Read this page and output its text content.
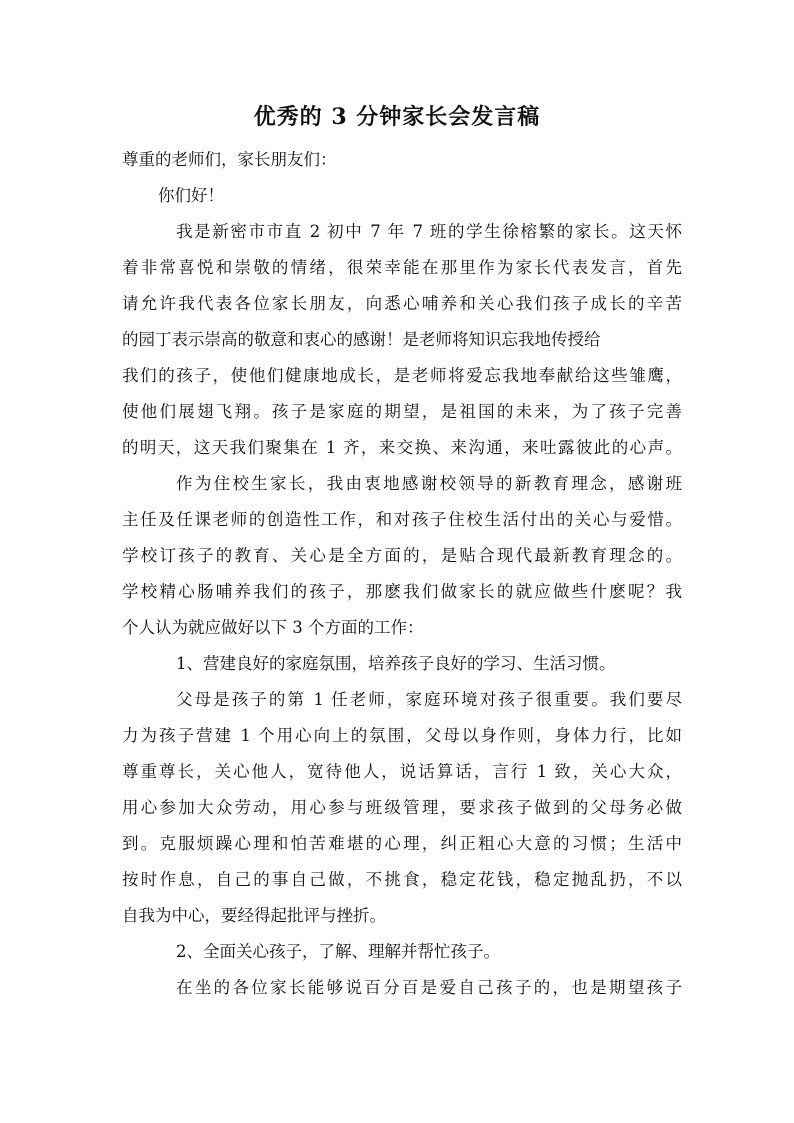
优秀的 3 分钟家长会发言稿
尊重的老师们，家长朋友们：
你们好！
我是新密市市直 2 初中 7 年 7 班的学生徐榕繁的家长。这天怀
着非常喜悦和崇敬的情绪，很荣幸能在那里作为家长代表发言，首先
请允许我代表各位家长朋友，向悉心哺养和关心我们孩子成长的辛苦
的园丁表示崇高的敬意和衷心的感谢！是老师将知识忘我地传授给
我们的孩子，使他们健康地成长，是老师将爱忘我地奉献给这些雏鹰，
使他们展翅飞翔。孩子是家庭的期望，是祖国的未来，为了孩子完善
的明天，这天我们聚集在 1 齐，来交换、来沟通，来吐露彼此的心声。
作为住校生家长，我由衷地感谢校领导的新教育理念，感谢班
主任及任课老师的创造性工作，和对孩子住校生活付出的关心与爱惜。
学校订孩子的教育、关心是全方面的，是贴合现代最新教育理念的。
学校精心肠哺养我们的孩子，那麽我们做家长的就应做些什麽呢？我
个人认为就应做好以下 3 个方面的工作：
1、营建良好的家庭氛围，培养孩子良好的学习、生活习惯。
父母是孩子的第 1 任老师，家庭环境对孩子很重要。我们要尽
力为孩子营建 1 个用心向上的氛围，父母以身作则，身体力行，比如
尊重尊长，关心他人，宽待他人，说话算话，言行 1 致，关心大众，
用心参加大众劳动，用心参与班级管理，要求孩子做到的父母务必做
到。克服烦躁心理和怕苦难堪的心理，纠正粗心大意的习惯；生活中
按时作息，自己的事自己做，不挑食，稳定花钱，稳定抛乱扔，不以
自我为中心，要经得起批评与挫折。
2、全面关心孩子，了解、理解并帮忙孩子。
在坐的各位家长能够说百分百是爱自己孩子的，也是期望孩子
